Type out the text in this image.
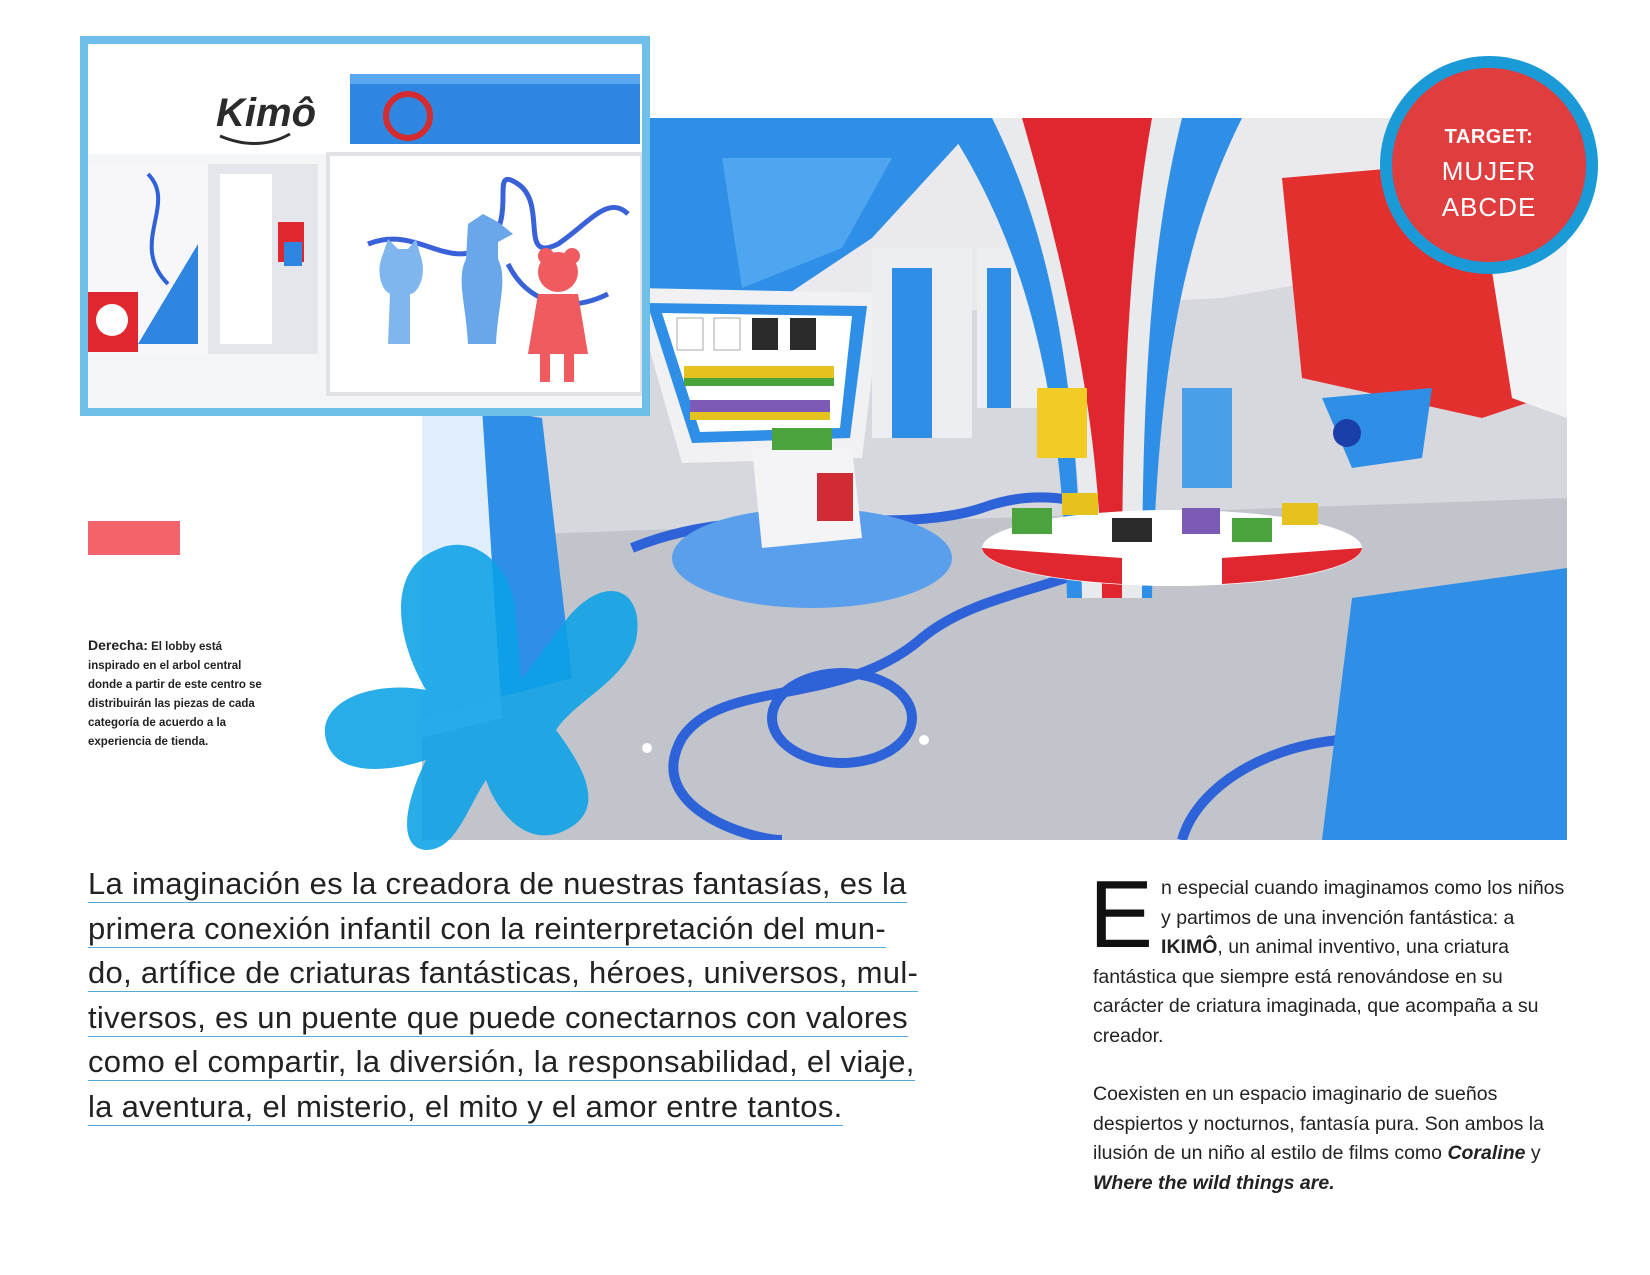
Kimô
TARGET:
MUJER
ABCDE
Derecha: El lobby está inspirado en el arbol central donde a partir de este centro se distribuirán las piezas de cada categoría de acuerdo a la experiencia de tienda.
La imaginación es la creadora de nuestras fantasías, es la
primera conexión infantil con la reinterpretación del mun-
do, artífice de criaturas fantásticas, héroes, universos, mul-
tiversos, es un puente que puede conectarnos con valores
como el compartir, la diversión, la responsabilidad, el viaje,
la aventura, el misterio, el mito y el amor entre tantos.
En especial cuando imaginamos como los niños y partimos de una invención fantástica: a IKIMÔ, un animal inventivo, una criatura fantástica que siempre está renovándose en su carácter de criatura imaginada, que acompaña a su creador.
Coexisten en un espacio imaginario de sueños despiertos y nocturnos, fantasía pura. Son ambos la ilusión de un niño al estilo de films como Coraline y Where the wild things are.
